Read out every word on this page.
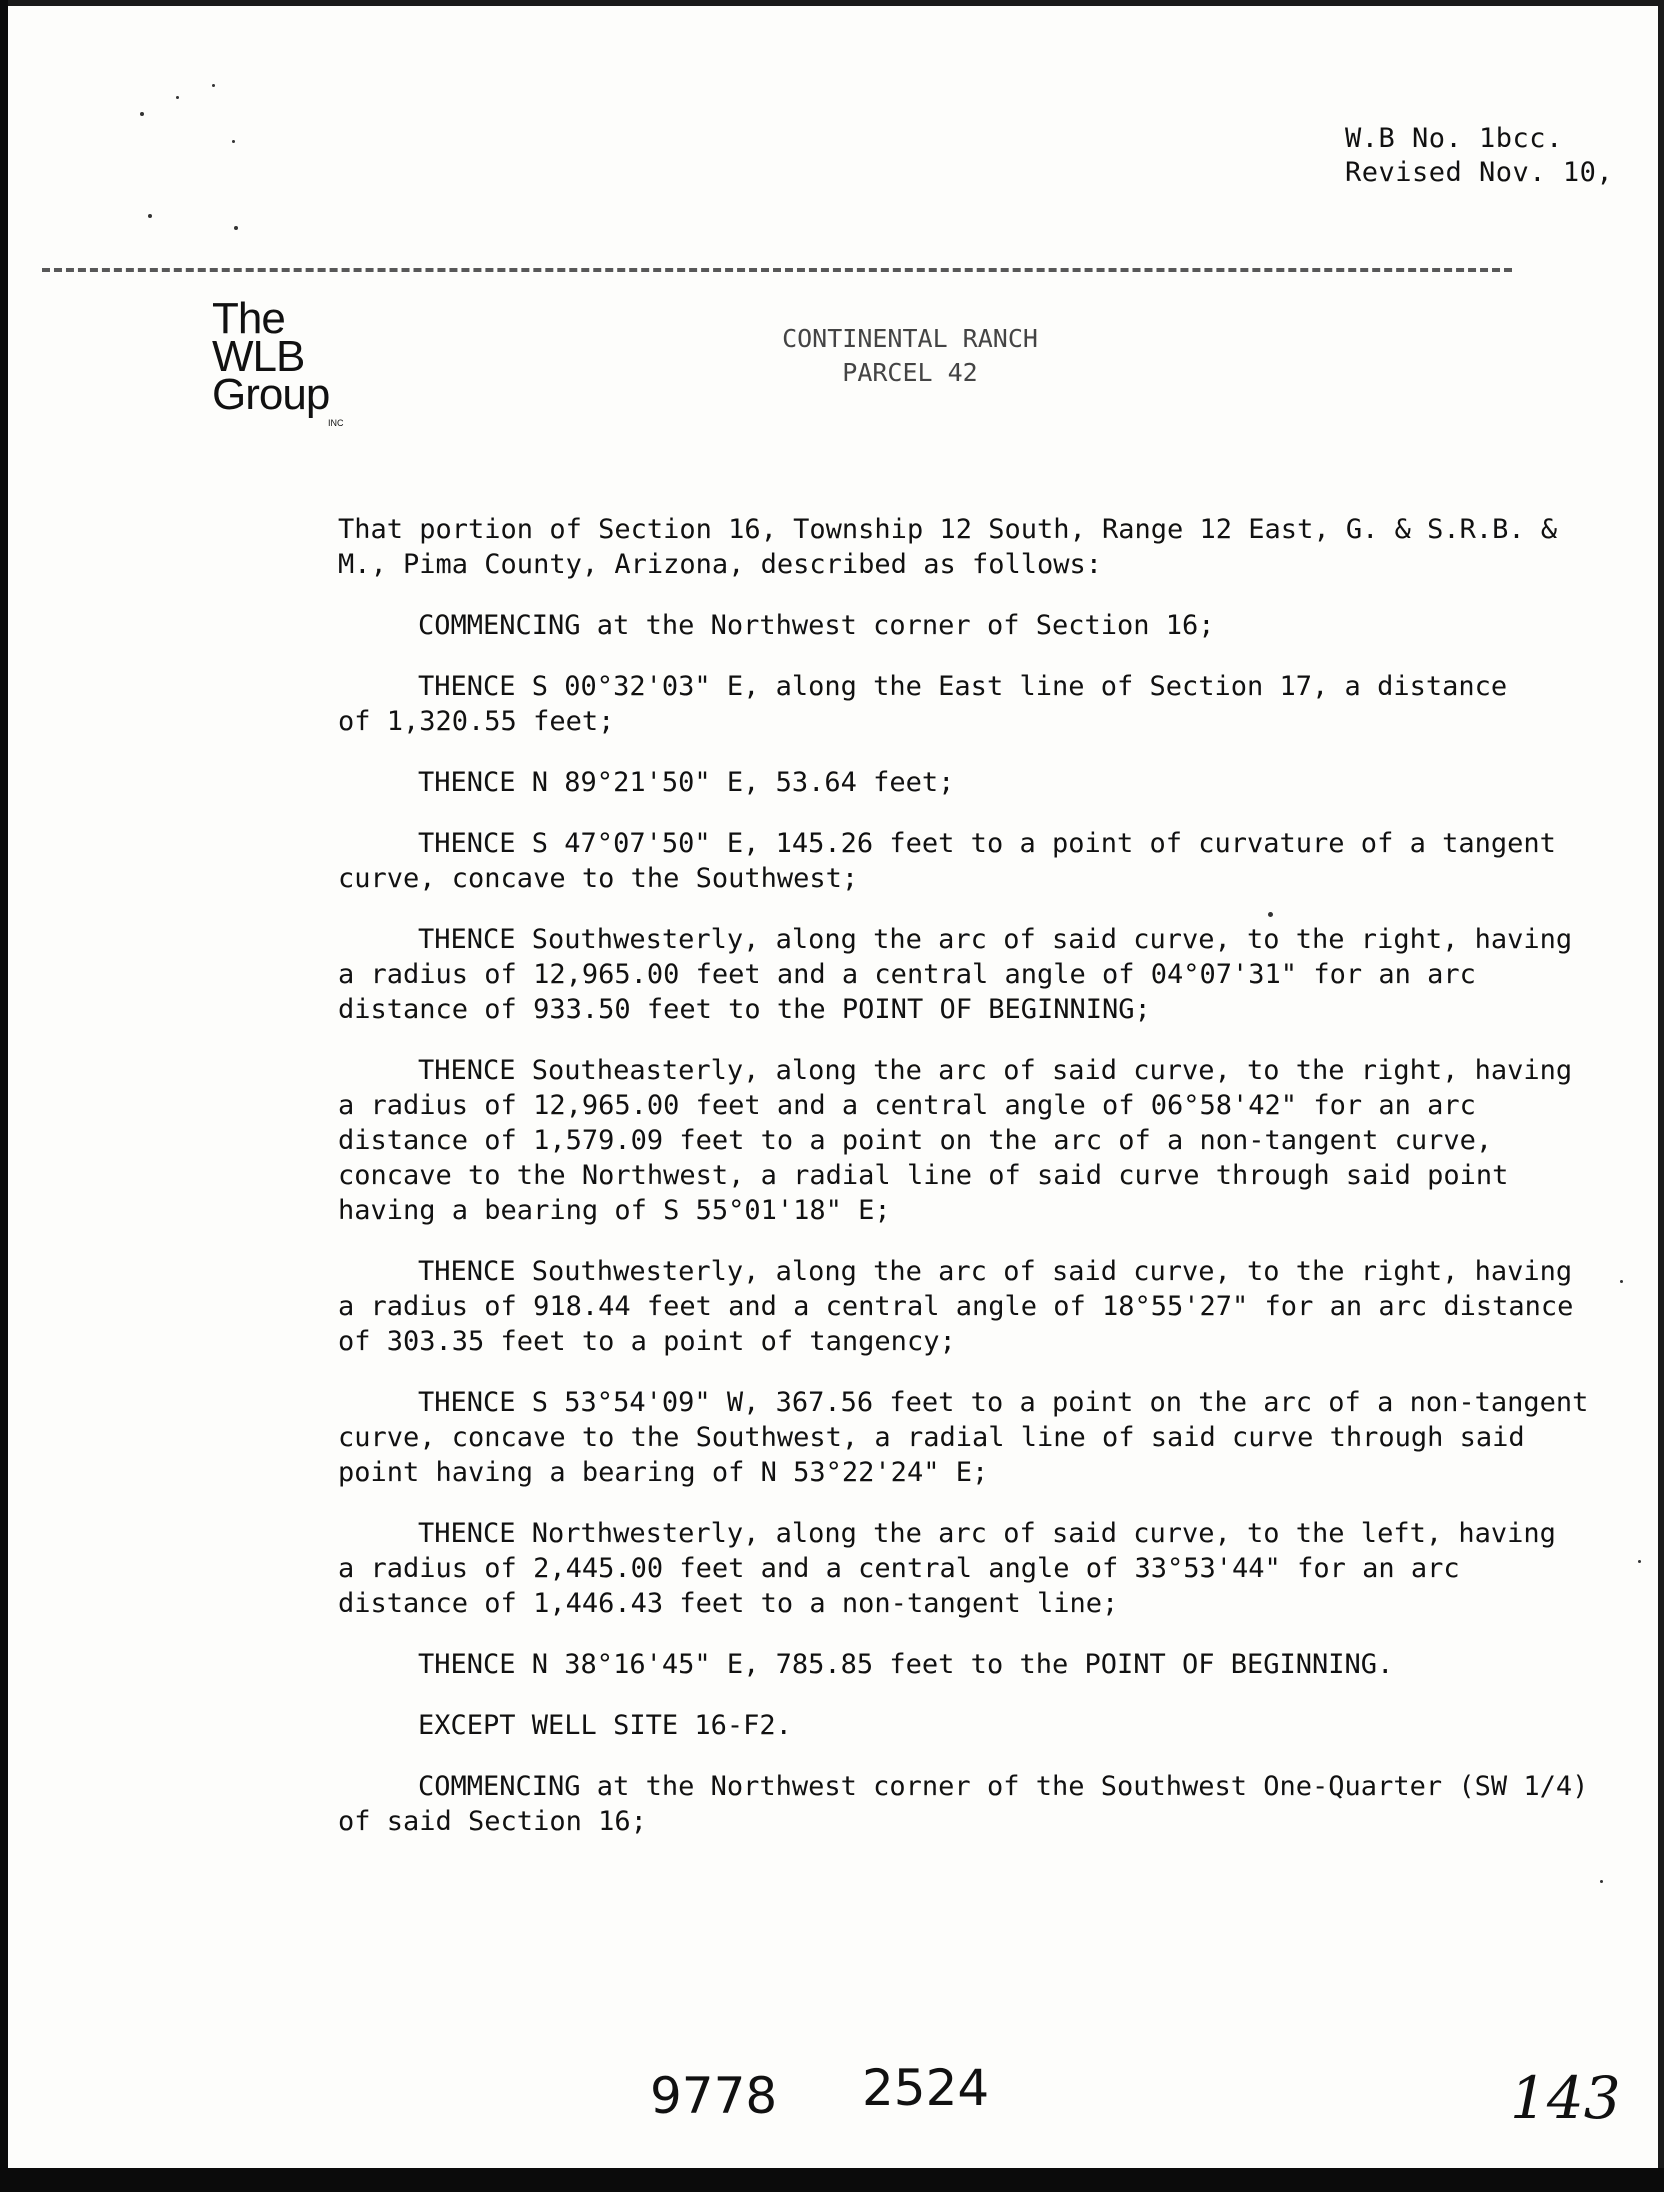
W.B No. 1bcc.
Revised Nov. 10,
The
WLB
Group
INC
CONTINENTAL RANCH
PARCEL 42

That portion of Section 16, Township 12 South, Range 12 East, G. & S.R.B. &
M., Pima County, Arizona, described as follows:

COMMENCING at the Northwest corner of Section 16;

THENCE S 00°32'03" E, along the East line of Section 17, a distance
of 1,320.55 feet;

THENCE N 89°21'50" E, 53.64 feet;

THENCE S 47°07'50" E, 145.26 feet to a point of curvature of a tangent
curve, concave to the Southwest;

THENCE Southwesterly, along the arc of said curve, to the right, having
a radius of 12,965.00 feet and a central angle of 04°07'31" for an arc
distance of 933.50 feet to the POINT OF BEGINNING;

THENCE Southeasterly, along the arc of said curve, to the right, having
a radius of 12,965.00 feet and a central angle of 06°58'42" for an arc
distance of 1,579.09 feet to a point on the arc of a non-tangent curve,
concave to the Northwest, a radial line of said curve through said point
having a bearing of S 55°01'18" E;

THENCE Southwesterly, along the arc of said curve, to the right, having
a radius of 918.44 feet and a central angle of 18°55'27" for an arc distance
of 303.35 feet to a point of tangency;

THENCE S 53°54'09" W, 367.56 feet to a point on the arc of a non-tangent
curve, concave to the Southwest, a radial line of said curve through said
point having a bearing of N 53°22'24" E;

THENCE Northwesterly, along the arc of said curve, to the left, having
a radius of 2,445.00 feet and a central angle of 33°53'44" for an arc
distance of 1,446.43 feet to a non-tangent line;

THENCE N 38°16'45" E, 785.85 feet to the POINT OF BEGINNING.

EXCEPT WELL SITE 16-F2.

COMMENCING at the Northwest corner of the Southwest One-Quarter (SW 1/4)
of said Section 16;

9778 2524	143
